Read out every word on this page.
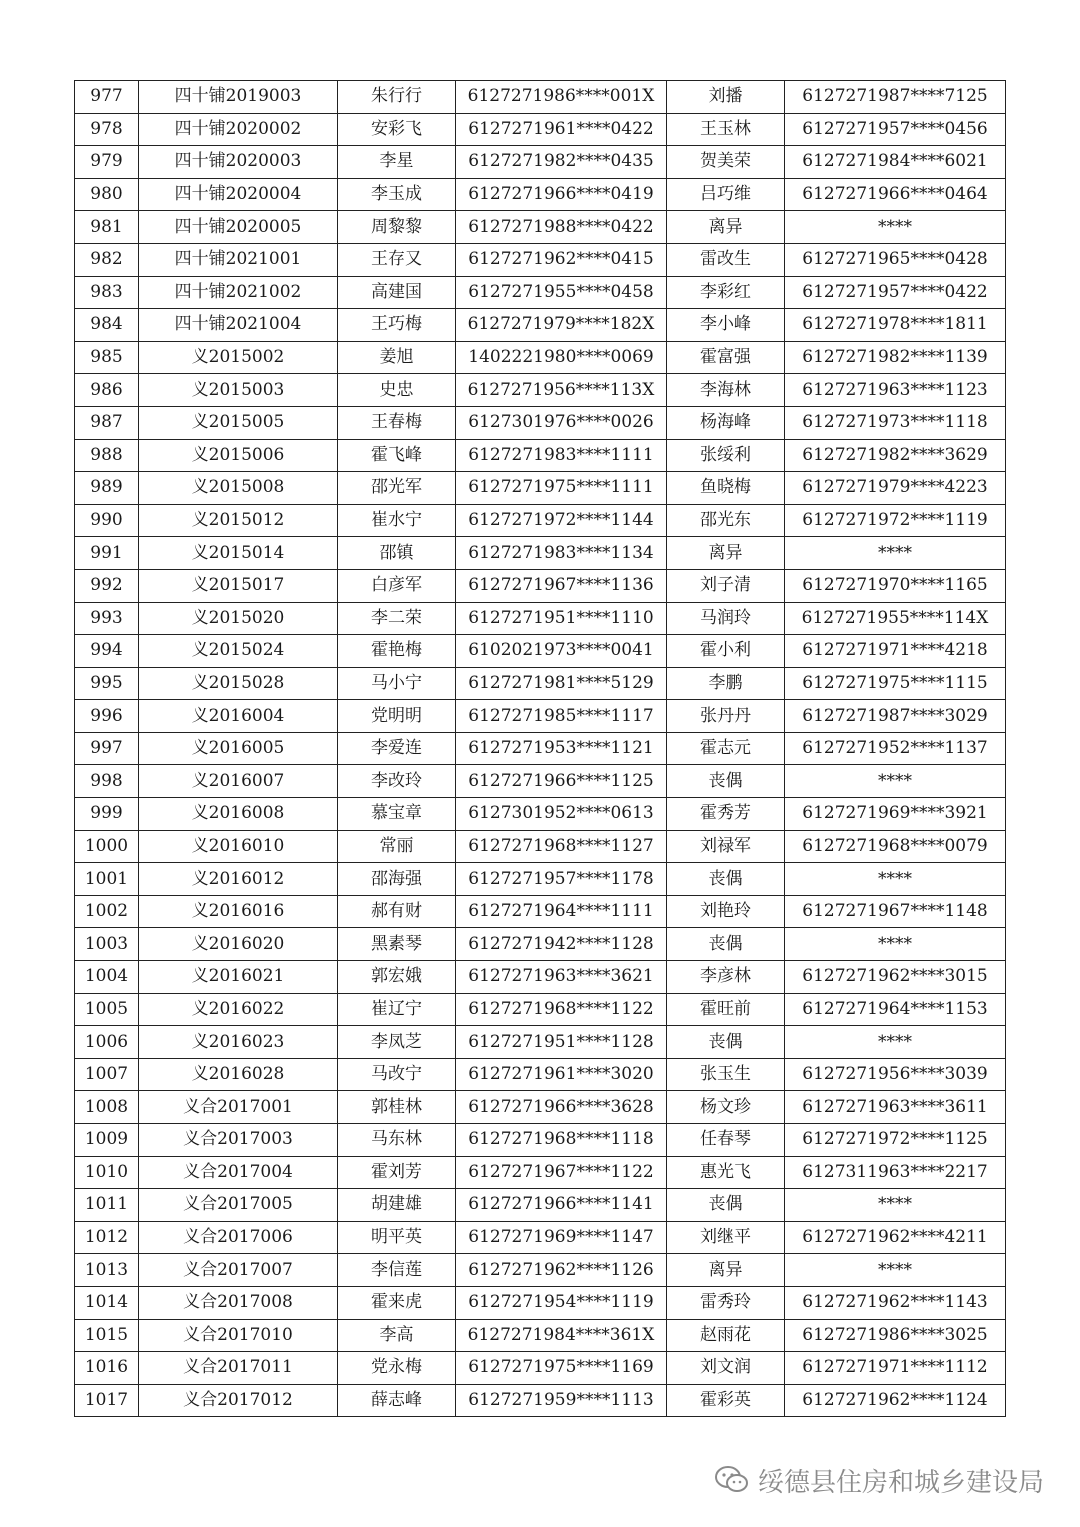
977	四十铺2019003	朱行行	6127271986****001X	刘播	6127271987****7125
978	四十铺2020002	安彩飞	6127271961****0422	王玉林	6127271957****0456
979	四十铺2020003	李星	6127271982****0435	贺美荣	6127271984****6021
980	四十铺2020004	李玉成	6127271966****0419	吕巧维	6127271966****0464
981	四十铺2020005	周黎黎	6127271988****0422	离异	****
982	四十铺2021001	王存又	6127271962****0415	雷改生	6127271965****0428
983	四十铺2021002	高建国	6127271955****0458	李彩红	6127271957****0422
984	四十铺2021004	王巧梅	6127271979****182X	李小峰	6127271978****1811
985	义2015002	姜旭	1402221980****0069	霍富强	6127271982****1139
986	义2015003	史忠	6127271956****113X	李海林	6127271963****1123
987	义2015005	王春梅	6127301976****0026	杨海峰	6127271973****1118
988	义2015006	霍飞峰	6127271983****1111	张绥利	6127271982****3629
989	义2015008	邵光军	6127271975****1111	鱼晓梅	6127271979****4223
990	义2015012	崔水宁	6127271972****1144	邵光东	6127271972****1119
991	义2015014	邵镇	6127271983****1134	离异	****
992	义2015017	白彦军	6127271967****1136	刘子清	6127271970****1165
993	义2015020	李二荣	6127271951****1110	马润玲	6127271955****114X
994	义2015024	霍艳梅	6102021973****0041	霍小利	6127271971****4218
995	义2015028	马小宁	6127271981****5129	李鹏	6127271975****1115
996	义2016004	党明明	6127271985****1117	张丹丹	6127271987****3029
997	义2016005	李爱连	6127271953****1121	霍志元	6127271952****1137
998	义2016007	李改玲	6127271966****1125	丧偶	****
999	义2016008	慕宝章	6127301952****0613	霍秀芳	6127271969****3921
1000	义2016010	常丽	6127271968****1127	刘禄军	6127271968****0079
1001	义2016012	邵海强	6127271957****1178	丧偶	****
1002	义2016016	郝有财	6127271964****1111	刘艳玲	6127271967****1148
1003	义2016020	黑素琴	6127271942****1128	丧偶	****
1004	义2016021	郭宏娥	6127271963****3621	李彦林	6127271962****3015
1005	义2016022	崔辽宁	6127271968****1122	霍旺前	6127271964****1153
1006	义2016023	李凤芝	6127271951****1128	丧偶	****
1007	义2016028	马改宁	6127271961****3020	张玉生	6127271956****3039
1008	义合2017001	郭桂林	6127271966****3628	杨文珍	6127271963****3611
1009	义合2017003	马东林	6127271968****1118	任春琴	6127271972****1125
1010	义合2017004	霍刘芳	6127271967****1122	惠光飞	6127311963****2217
1011	义合2017005	胡建雄	6127271966****1141	丧偶	****
1012	义合2017006	明平英	6127271969****1147	刘继平	6127271962****4211
1013	义合2017007	李信莲	6127271962****1126	离异	****
1014	义合2017008	霍来虎	6127271954****1119	雷秀玲	6127271962****1143
1015	义合2017010	李高	6127271984****361X	赵雨花	6127271986****3025
1016	义合2017011	党永梅	6127271975****1169	刘文润	6127271971****1112
1017	义合2017012	薛志峰	6127271959****1113	霍彩英	6127271962****1124
绥德县住房和城乡建设局
